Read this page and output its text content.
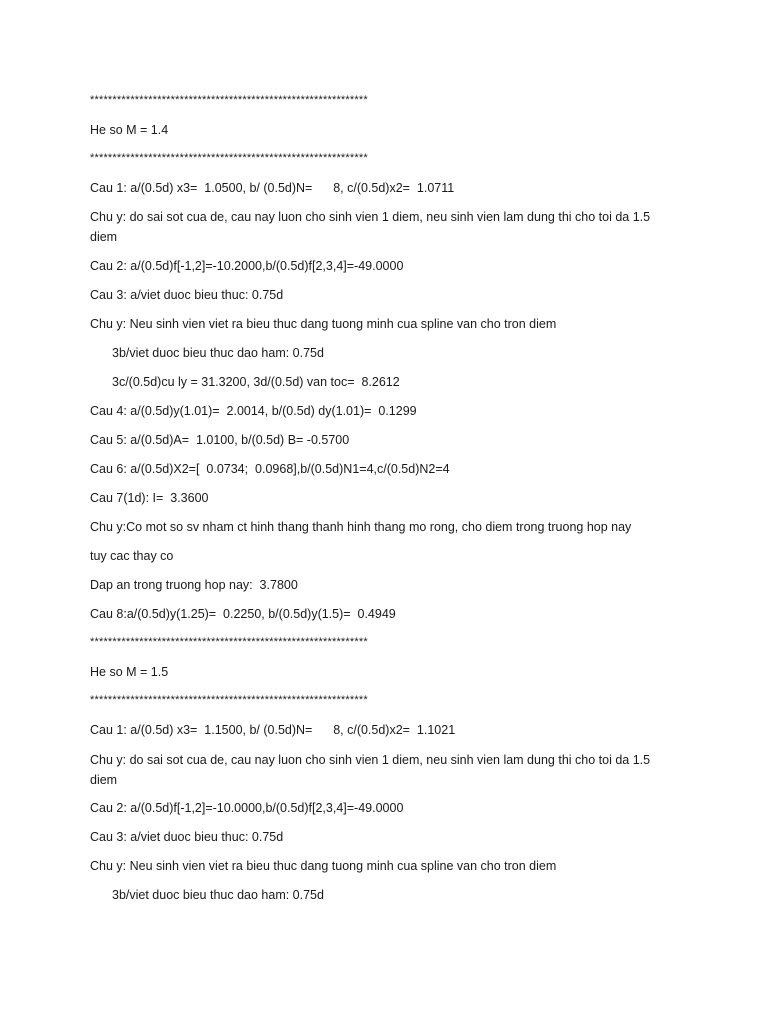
**************************************************************

He so M = 1.4

**************************************************************

Cau 1: a/(0.5d) x3=  1.0500, b/ (0.5d)N=      8, c/(0.5d)x2=  1.0711

Chu y: do sai sot cua de, cau nay luon cho sinh vien 1 diem, neu sinh vien lam dung thi cho toi da 1.5 diem

Cau 2: a/(0.5d)f[-1,2]=-10.2000,b/(0.5d)f[2,3,4]=-49.0000

Cau 3: a/viet duoc bieu thuc: 0.75d

Chu y: Neu sinh vien viet ra bieu thuc dang tuong minh cua spline van cho tron diem

3b/viet duoc bieu thuc dao ham: 0.75d

3c/(0.5d)cu ly = 31.3200, 3d/(0.5d) van toc=  8.2612

Cau 4: a/(0.5d)y(1.01)=  2.0014, b/(0.5d) dy(1.01)=  0.1299

Cau 5: a/(0.5d)A=  1.0100, b/(0.5d) B= -0.5700

Cau 6: a/(0.5d)X2=[  0.0734;  0.0968],b/(0.5d)N1=4,c/(0.5d)N2=4

Cau 7(1d): I=  3.3600

Chu y:Co mot so sv nham ct hinh thang thanh hinh thang mo rong, cho diem trong truong hop nay

tuy cac thay co

Dap an trong truong hop nay:  3.7800

Cau 8:a/(0.5d)y(1.25)=  0.2250, b/(0.5d)y(1.5)=  0.4949

**************************************************************

He so M = 1.5

**************************************************************

Cau 1: a/(0.5d) x3=  1.1500, b/ (0.5d)N=      8, c/(0.5d)x2=  1.1021

Chu y: do sai sot cua de, cau nay luon cho sinh vien 1 diem, neu sinh vien lam dung thi cho toi da 1.5 diem

Cau 2: a/(0.5d)f[-1,2]=-10.0000,b/(0.5d)f[2,3,4]=-49.0000

Cau 3: a/viet duoc bieu thuc: 0.75d

Chu y: Neu sinh vien viet ra bieu thuc dang tuong minh cua spline van cho tron diem

3b/viet duoc bieu thuc dao ham: 0.75d
